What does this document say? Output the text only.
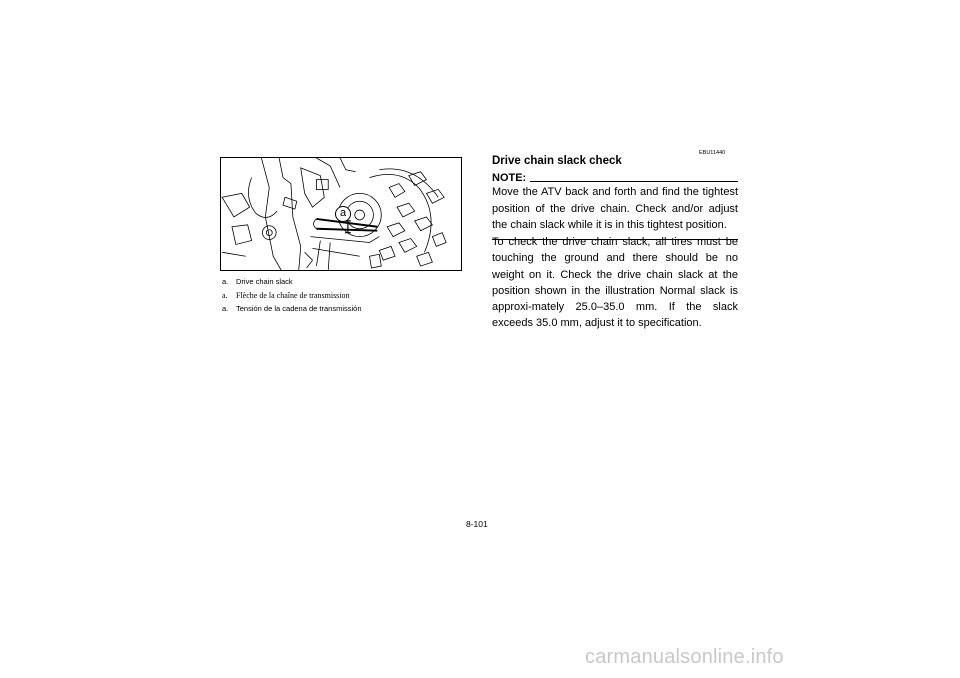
a
a.	Drive chain slack
a.	Flèche de la chaîne de transmission
a.	Tensión de la cadena de transmissión
EBU11440
Drive chain slack check
NOTE:
Move the ATV back and forth and find the tightest position of the drive chain. Check and/or adjust the chain slack while it is in this tightest position.
To check the drive chain slack, all tires must be touching the ground and there should be no weight on it. Check the drive chain slack at the position shown in the illustration Normal slack is approxi-mately 25.0–35.0 mm. If the slack exceeds 35.0 mm, adjust it to specification.
8-101
carmanualsonline.info
